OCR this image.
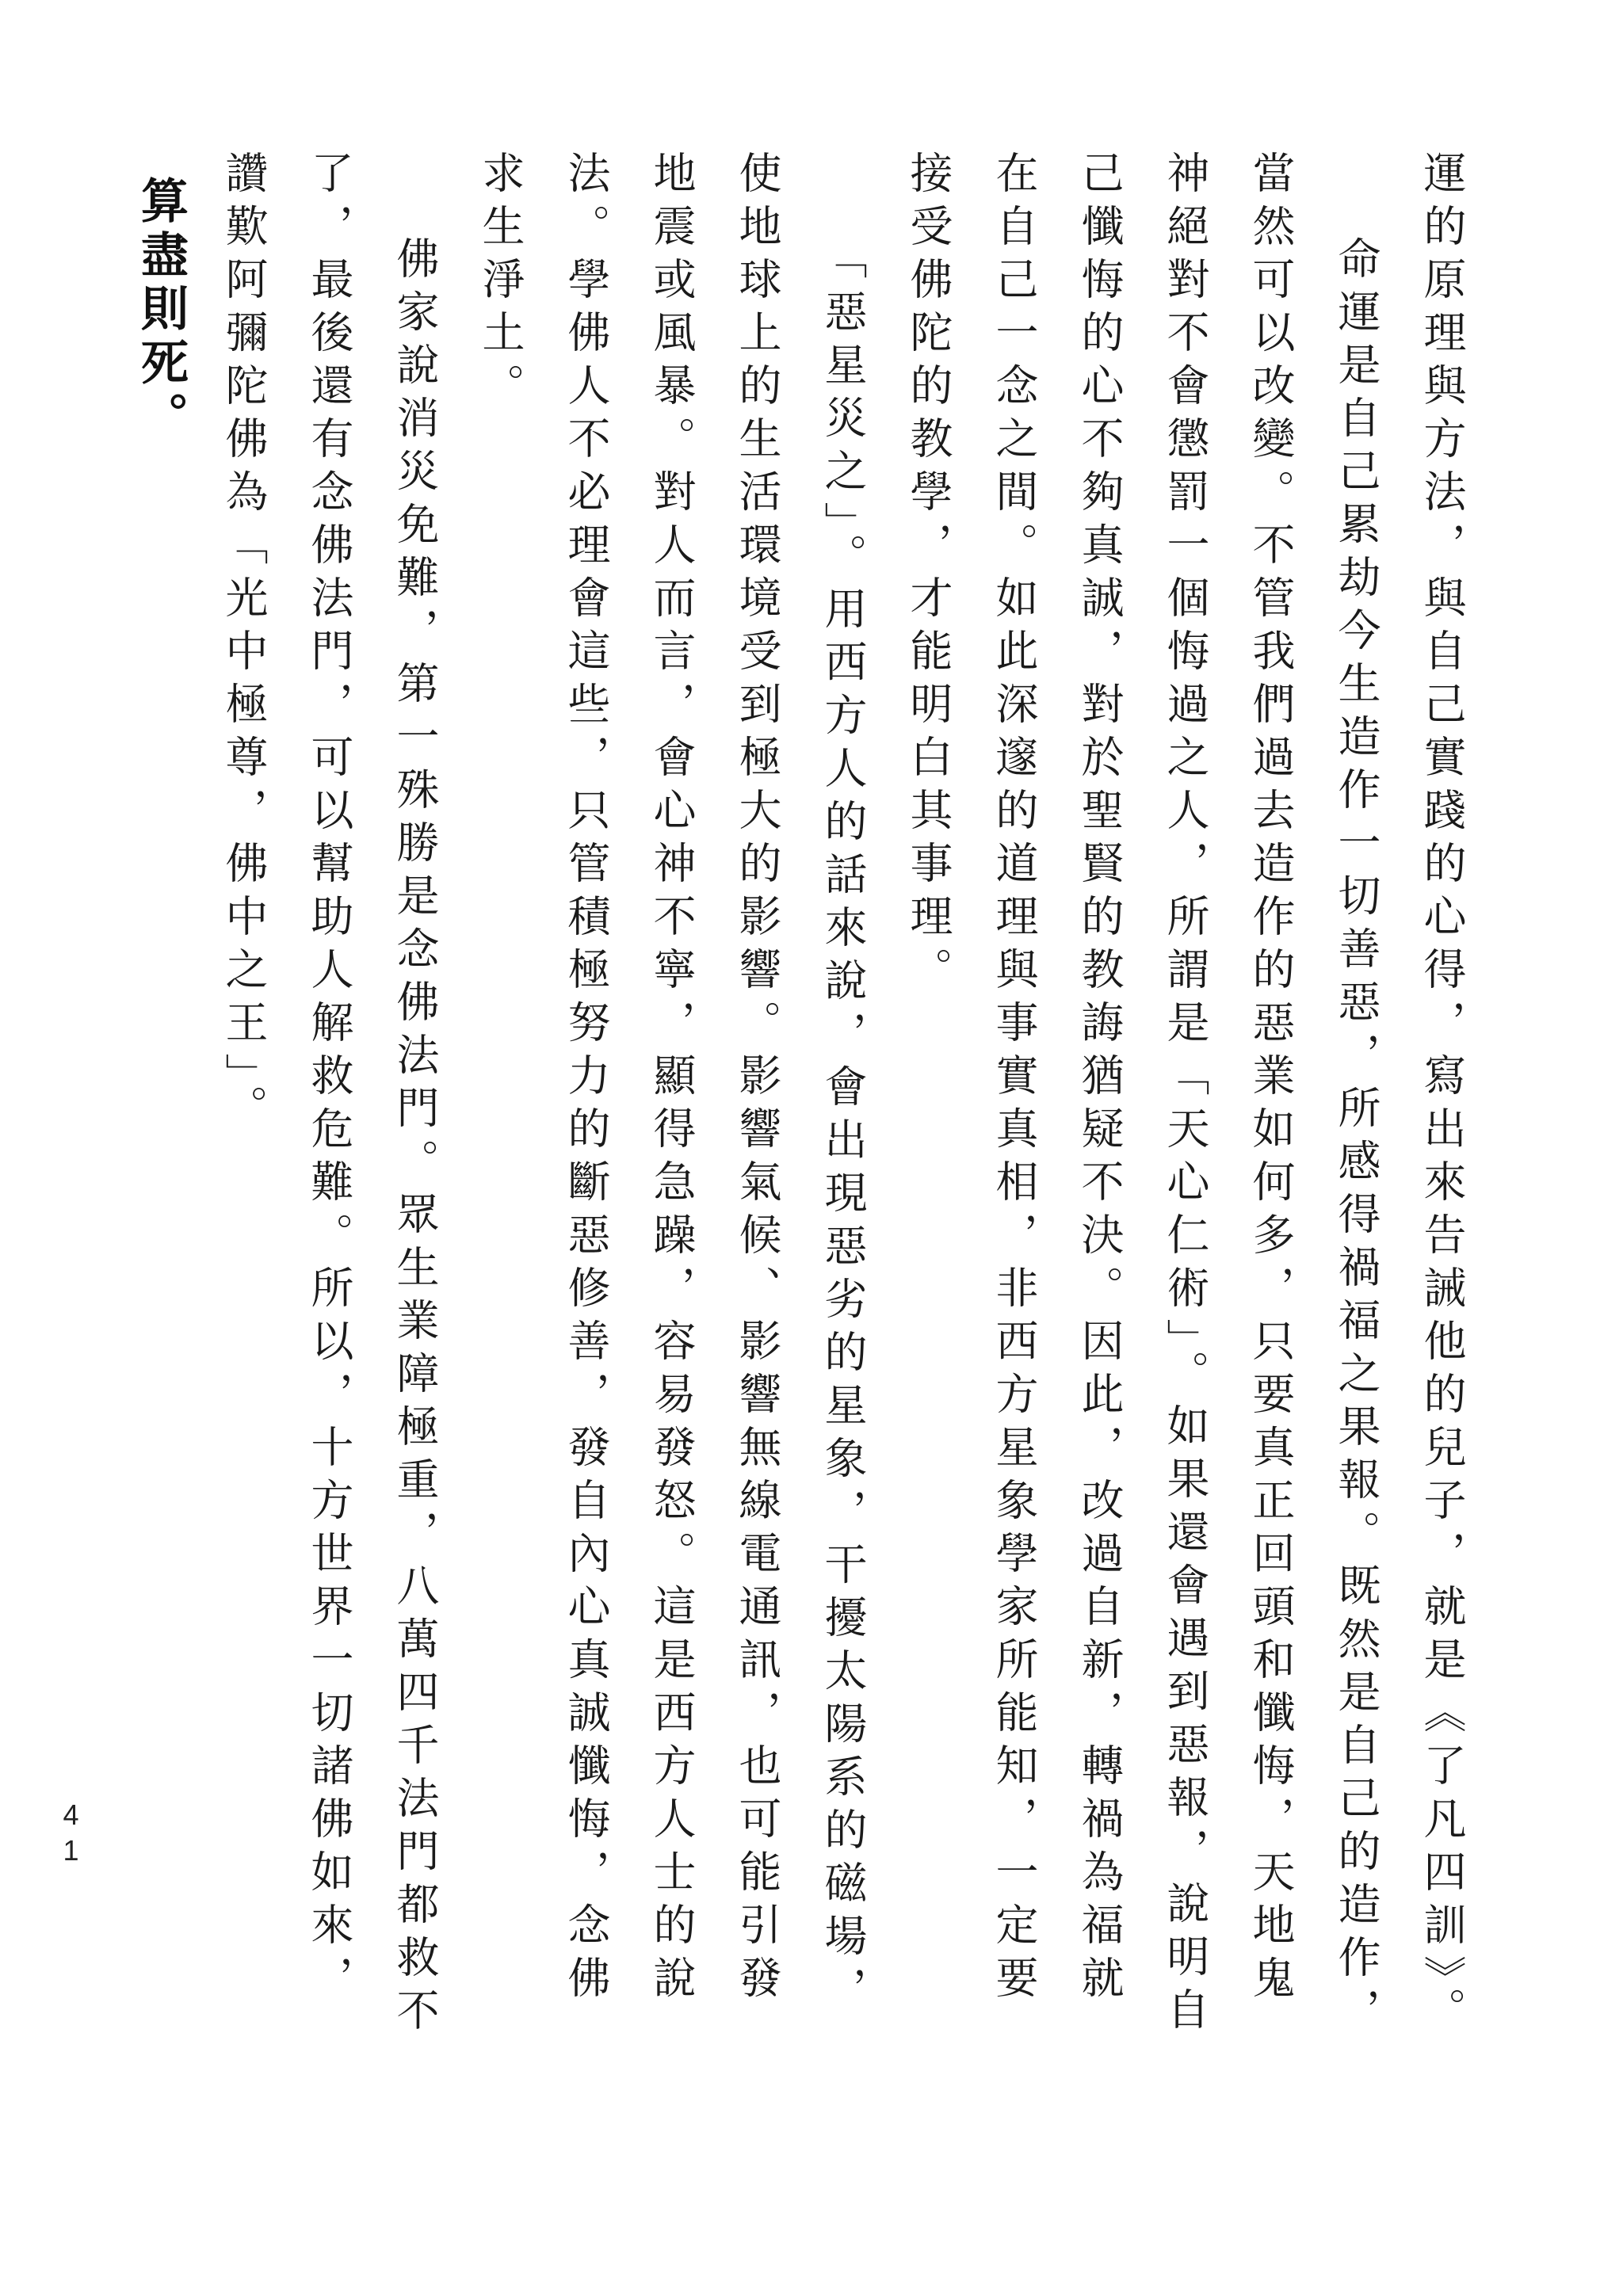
運的原理與方法，與自己實踐的心得，寫出來告誡他的兒子，就是《了凡四訓》。

命運是自己累劫今生造作一切善惡，所感得禍福之果報。既然是自己的造作，當然可以改變。不管我們過去造作的惡業如何多，只要真正回頭和懺悔，天地鬼神絕對不會懲罰一個悔過之人，所謂是「天心仁術」。如果還會遇到惡報，說明自己懺悔的心不夠真誠，對於聖賢的教誨猶疑不決。因此，改過自新，轉禍為福就在自己一念之間。如此深邃的道理與事實真相，非西方星象學家所能知，一定要接受佛陀的教學，才能明白其事理。

「惡星災之」。用西方人的話來說，會出現惡劣的星象，干擾太陽系的磁場，使地球上的生活環境受到極大的影響。影響氣候、影響無線電通訊，也可能引發地震或風暴。對人而言，會心神不寧，顯得急躁，容易發怒。這是西方人士的說法。學佛人不必理會這些，只管積極努力的斷惡修善，發自內心真誠懺悔，念佛求生淨土。

佛家說消災免難，第一殊勝是念佛法門。眾生業障極重，八萬四千法門都救不了，最後還有念佛法門，可以幫助人解救危難。所以，十方世界一切諸佛如來，讚歎阿彌陀佛為「光中極尊，佛中之王」。

算盡則死。
41
